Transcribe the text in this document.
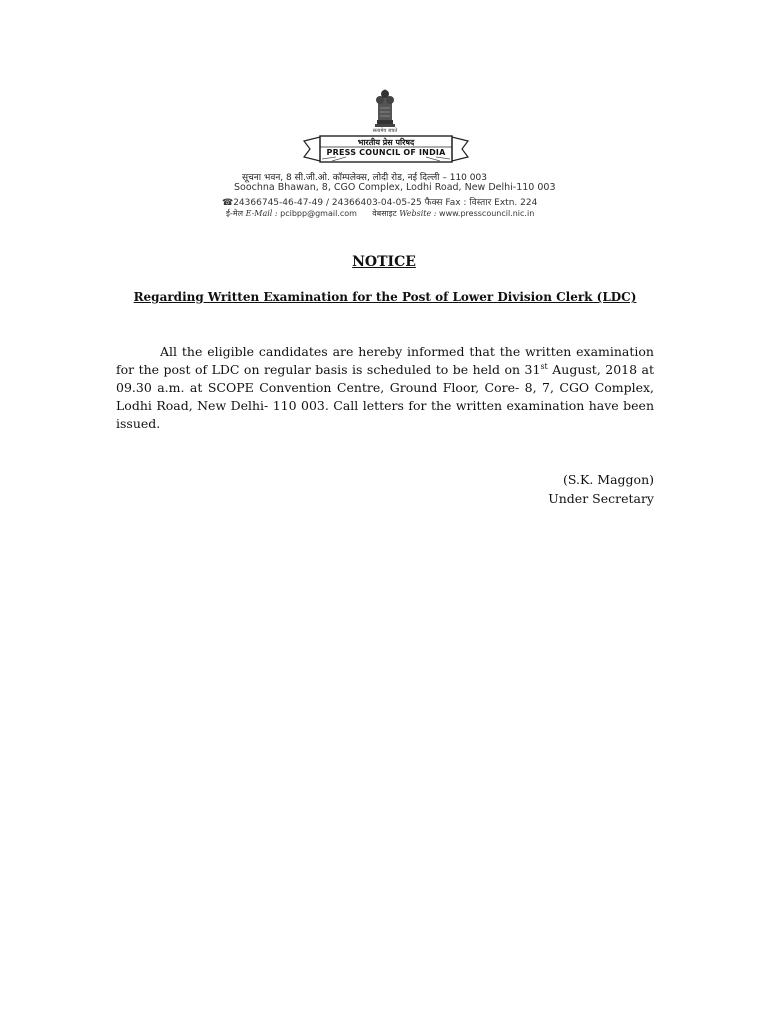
सत्यमेव जयते
भारतीय प्रेस परिषद
PRESS COUNCIL OF INDIA
सूचना भवन, 8 सी.जी.ओ. कॉम्पलेक्स, लोदी रोड, नई दिल्ली – 110 003
Soochna Bhawan, 8, CGO Complex, Lodhi Road, New Delhi-110 003
☎24366745-46-47-49 / 24366403-04-05-25 फैक्स Fax : विस्तार Extn. 224
ई-मेल E-Mail : pcibpp@gmail.com वेबसाइट Website : www.presscouncil.nic.in
NOTICE
Regarding Written Examination for the Post of Lower Division Clerk (LDC)
All the eligible candidates are hereby informed that the written examination for the post of LDC on regular basis is scheduled to be held on 31st August, 2018 at 09.30 a.m. at SCOPE Convention Centre, Ground Floor, Core- 8, 7, CGO Complex, Lodhi Road, New Delhi- 110 003. Call letters for the written examination have been issued.
(S.K. Maggon)
Under Secretary
